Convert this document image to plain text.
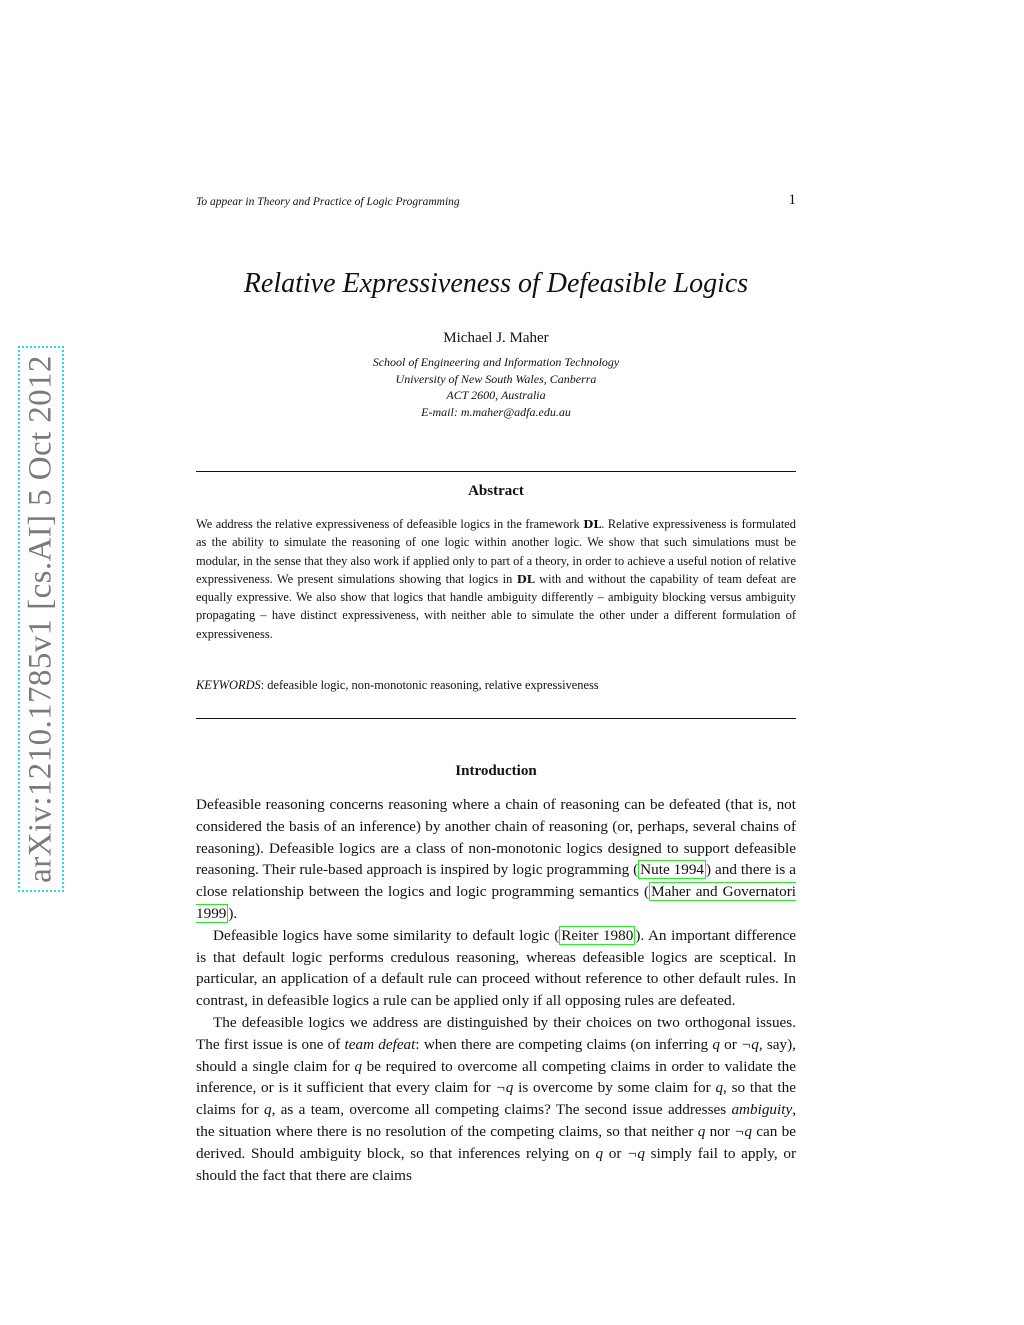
arXiv:1210.1785v1 [cs.AI] 5 Oct 2012
To appear in Theory and Practice of Logic Programming	1
Relative Expressiveness of Defeasible Logics
Michael J. Maher
School of Engineering and Information Technology
University of New South Wales, Canberra
ACT 2600, Australia
E-mail: m.maher@adfa.edu.au
Abstract

We address the relative expressiveness of defeasible logics in the framework DL. Relative expressiveness is formulated as the ability to simulate the reasoning of one logic within another logic. We show that such simulations must be modular, in the sense that they also work if applied only to part of a theory, in order to achieve a useful notion of relative expressiveness. We present simulations showing that logics in DL with and without the capability of team defeat are equally expressive. We also show that logics that handle ambiguity differently – ambiguity blocking versus ambiguity propagating – have distinct expressiveness, with neither able to simulate the other under a different formulation of expressiveness.

KEYWORDS: defeasible logic, non-monotonic reasoning, relative expressiveness
Introduction

Defeasible reasoning concerns reasoning where a chain of reasoning can be defeated (that is, not considered the basis of an inference) by another chain of reasoning (or, perhaps, several chains of reasoning). Defeasible logics are a class of non-monotonic logics designed to support defeasible reasoning. Their rule-based approach is inspired by logic programming ( Nute 1994 ) and there is a close relationship between the logics and logic programming semantics ( Maher and Governatori 1999 ).

Defeasible logics have some similarity to default logic ( Reiter 1980 ). An important difference is that default logic performs credulous reasoning, whereas defeasible logics are sceptical. In particular, an application of a default rule can proceed without reference to other default rules. In contrast, in defeasible logics a rule can be applied only if all opposing rules are defeated.

The defeasible logics we address are distinguished by their choices on two orthogonal issues. The first issue is one of team defeat: when there are competing claims (on inferring q or ¬q, say), should a single claim for q be required to overcome all competing claims in order to validate the inference, or is it sufficient that every claim for ¬q is overcome by some claim for q, so that the claims for q, as a team, overcome all competing claims? The second issue addresses ambiguity, the situation where there is no resolution of the competing claims, so that neither q nor ¬q can be derived. Should ambiguity block, so that inferences relying on q or ¬q simply fail to apply, or should the fact that there are claims
